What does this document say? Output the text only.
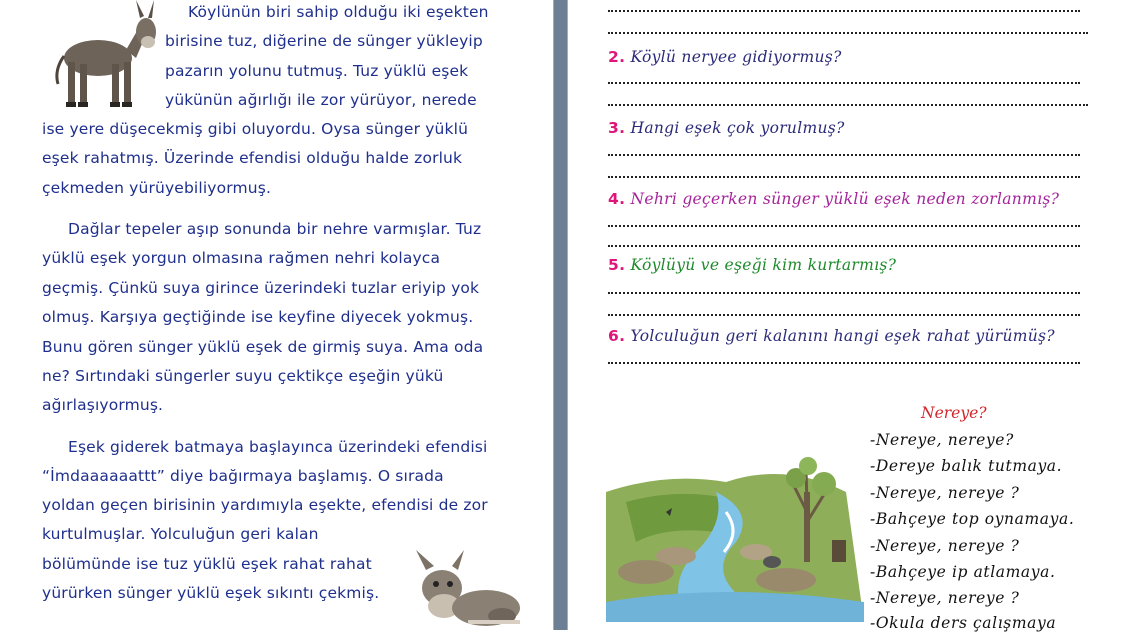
Köylünün biri sahip olduğu iki eşekten
birisine tuz, diğerine de sünger yükleyip
pazarın yolunu tutmuş. Tuz yüklü eşek
yükünün ağırlığı ile zor yürüyor, nerede
ise yere düşecekmiş gibi oluyordu. Oysa sünger yüklü
eşek rahatmış. Üzerinde efendisi olduğu halde zorluk
çekmeden yürüyebiliyormuş.
Dağlar tepeler aşıp sonunda bir nehre varmışlar. Tuz
yüklü eşek yorgun olmasına rağmen nehri kolayca
geçmiş. Çünkü suya girince üzerindeki tuzlar eriyip yok
olmuş. Karşıya geçtiğinde ise keyfine diyecek yokmuş.
Bunu gören sünger yüklü eşek de girmiş suya. Ama oda
ne? Sırtındaki süngerler suyu çektikçe eşeğin yükü
ağırlaşıyormuş.
Eşek giderek batmaya başlayınca üzerindeki efendisi
“İmdaaaaaattt” diye bağırmaya başlamış. O sırada
yoldan geçen birisinin yardımıyla eşekte, efendisi de zor
kurtulmuşlar. Yolculuğun geri kalan
bölümünde ise tuz yüklü eşek rahat rahat
yürürken sünger yüklü eşek sıkıntı çekmiş.
2. Köylü neryee gidiyormuş?
3. Hangi eşek çok yorulmuş?
4. Nehri geçerken sünger yüklü eşek neden zorlanmış?
5. Köylüyü ve eşeği kim kurtarmış?
6. Yolculuğun geri kalanını hangi eşek rahat yürümüş?
Nereye?
-Nereye, nereye?
-Dereye balık tutmaya.
-Nereye, nereye ?
-Bahçeye top oynamaya.
-Nereye, nereye ?
-Bahçeye ip atlamaya.
-Nereye, nereye ?
-Okula ders çalışmaya
